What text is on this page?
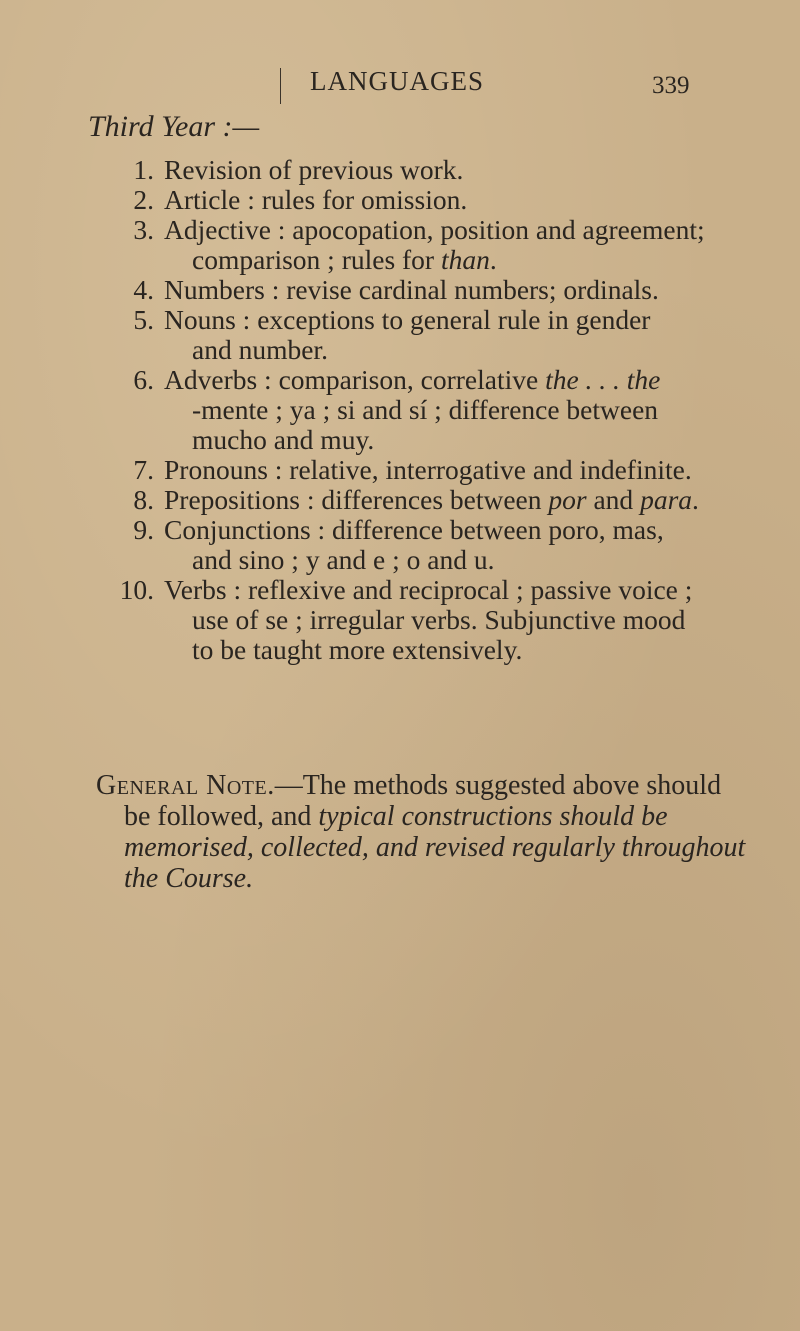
LANGUAGES	339
Third Year :—

1. Revision of previous work.

2. Article : rules for omission.

3. Adjective : apocopation, position and agreement;
comparison ; rules for than.

4. Numbers : revise cardinal numbers; ordinals.

5. Nouns : exceptions to general rule in gender
and number.

6. Adverbs : comparison, correlative the . . . the
-mente ; ya ; si and sí ; difference between
mucho and muy.

7. Pronouns : relative, interrogative and indefinite.

8. Prepositions : differences between por and para.

9. Conjunctions : difference between poro, mas,
and sino ; y and e ; o and u.

10. Verbs : reflexive and reciprocal ; passive voice ;
use of se ; irregular verbs. Subjunctive mood
to be taught more extensively.

General Note.—The methods suggested above should
be followed, and typical constructions should be
memorised, collected, and revised regularly throughout
the Course.
